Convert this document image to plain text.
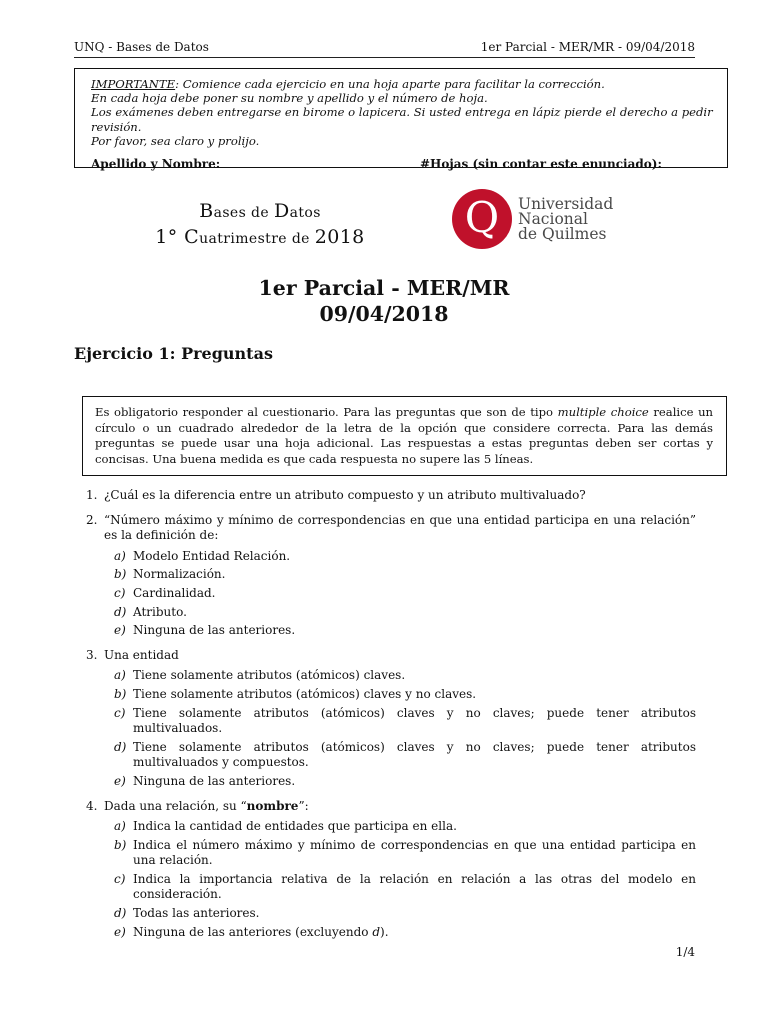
UNQ - Bases de Datos	1er Parcial - MER/MR - 09/04/2018
IMPORTANTE: Comience cada ejercicio en una hoja aparte para facilitar la corrección.
En cada hoja debe poner su nombre y apellido y el número de hoja.
Los exámenes deben entregarse en birome o lapicera. Si usted entrega en lápiz pierde el derecho a pedir revisión.
Por favor, sea claro y prolijo.
Apellido y Nombre:	#Hojas (sin contar este enunciado):
Bases de Datos
1° Cuatrimestre de 2018	Q	Universidad
Nacional
de Quilmes
1er Parcial - MER/MR
09/04/2018
Ejercicio 1: Preguntas
Es obligatorio responder al cuestionario. Para las preguntas que son de tipo multiple choice realice un círculo o un cuadrado alrededor de la letra de la opción que considere correcta. Para las demás preguntas se puede usar una hoja adicional. Las respuestas a estas preguntas deben ser cortas y concisas. Una buena medida es que cada respuesta no supere las 5 líneas.
1. ¿Cuál es la diferencia entre un atributo compuesto y un atributo multivaluado?
2. “Número máximo y mínimo de correspondencias en que una entidad participa en una relación” es la definición de:
a) Modelo Entidad Relación.
b) Normalización.
c) Cardinalidad.
d) Atributo.
e) Ninguna de las anteriores.
3. Una entidad
a) Tiene solamente atributos (atómicos) claves.
b) Tiene solamente atributos (atómicos) claves y no claves.
c) Tiene solamente atributos (atómicos) claves y no claves; puede tener atributos multivaluados.
d) Tiene solamente atributos (atómicos) claves y no claves; puede tener atributos multivaluados y compuestos.
e) Ninguna de las anteriores.
4. Dada una relación, su “nombre”:
a) Indica la cantidad de entidades que participa en ella.
b) Indica el número máximo y mínimo de correspondencias en que una entidad participa en una relación.
c) Indica la importancia relativa de la relación en relación a las otras del modelo en consideración.
d) Todas las anteriores.
e) Ninguna de las anteriores (excluyendo d).
1/4
